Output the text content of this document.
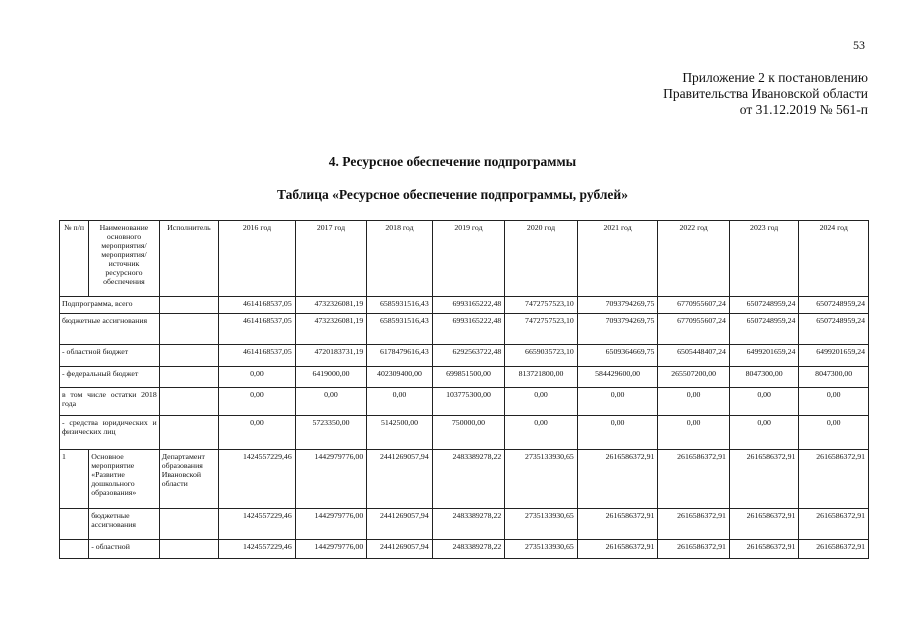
53
Приложение 2 к постановлению
Правительства Ивановской области
от 31.12.2019 № 561-п
4. Ресурсное обеспечение подпрограммы
Таблица «Ресурсное обеспечение подпрограммы, рублей»
№ п/п	Наименование основного мероприятия/мероприятия/источник ресурсного обеспечения	Исполнитель	2016 год	2017 год	2018 год	2019 год	2020 год	2021 год	2022 год	2023 год	2024 год
Подпрограмма, всего			4614168537,05	4732326081,19	6585931516,43	6993165222,48	7472757523,10	7093794269,75	6770955607,24	6507248959,24	6507248959,24
бюджетные ассигнования			4614168537,05	4732326081,19	6585931516,43	6993165222,48	7472757523,10	7093794269,75	6770955607,24	6507248959,24	6507248959,24
- областной бюджет			4614168537,05	4720183731,19	6178479616,43	6292563722,48	6659035723,10	6509364669,75	6505448407,24	6499201659,24	6499201659,24
- федеральный бюджет			0,00	6419000,00	402309400,00	699851500,00	813721800,00	584429600,00	265507200,00	8047300,00	8047300,00
в том числе остатки 2018 года			0,00	0,00	0,00	103775300,00	0,00	0,00	0,00	0,00	0,00
- средства юридических и физических лиц			0,00	5723350,00	5142500,00	750000,00	0,00	0,00	0,00	0,00	0,00
1	Основное мероприятие «Развитие дошкольного образования»	Департамент образования Ивановской области	1424557229,46	1442979776,00	2441269057,94	2483389278,22	2735133930,65	2616586372,91	2616586372,91	2616586372,91	2616586372,91
	бюджетные ассигнования		1424557229,46	1442979776,00	2441269057,94	2483389278,22	2735133930,65	2616586372,91	2616586372,91	2616586372,91	2616586372,91
	- областной		1424557229,46	1442979776,00	2441269057,94	2483389278,22	2735133930,65	2616586372,91	2616586372,91	2616586372,91	2616586372,91
